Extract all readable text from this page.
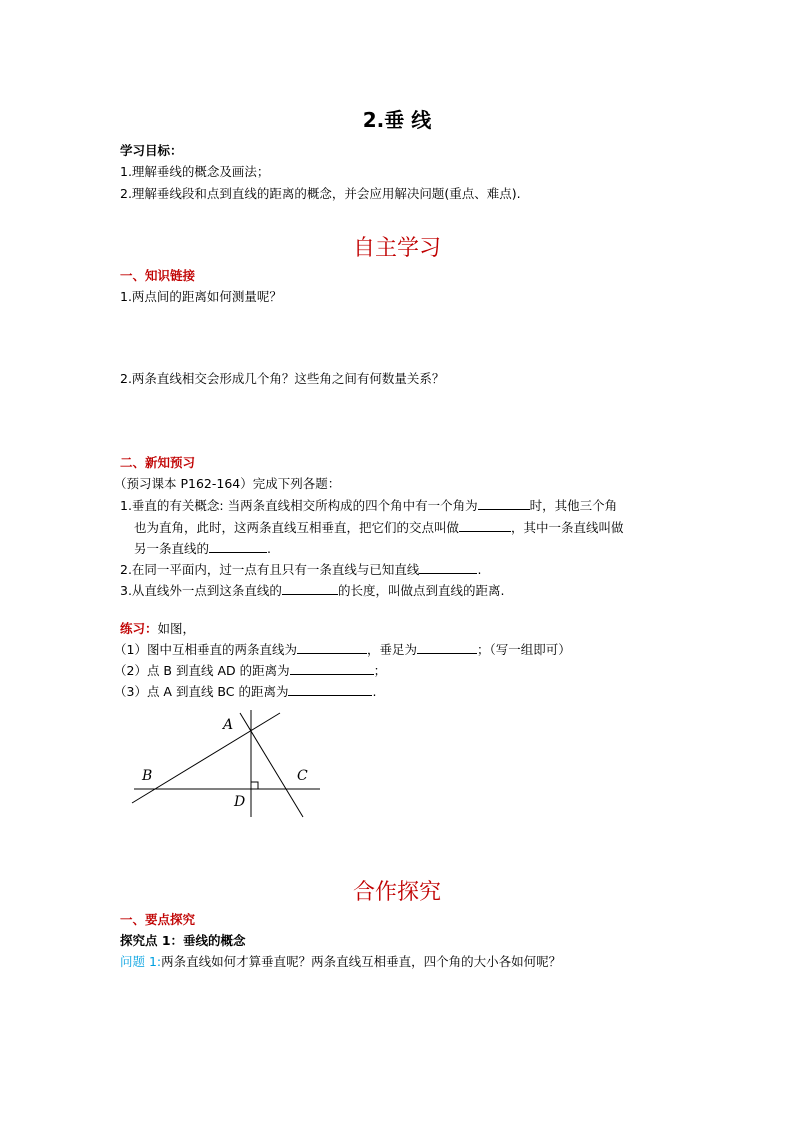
2.垂 线
学习目标：
1.理解垂线的概念及画法；
2.理解垂线段和点到直线的距离的概念，并会应用解决问题(重点、难点).
自主学习
一、知识链接
1.两点间的距离如何测量呢？
2.两条直线相交会形成几个角？这些角之间有何数量关系？
二、新知预习
（预习课本 P162-164）完成下列各题：
1.垂直的有关概念: 当两条直线相交所构成的四个角中有一个角为	时，其他三个角
也为直角，此时，这两条直线互相垂直，把它们的交点叫做	，其中一条直线叫做
另一条直线的	.
2.在同一平面内，过一点有且只有一条直线与已知直线	.
3.从直线外一点到这条直线的	的长度，叫做点到直线的距离.
练习：如图，
（1）图中互相垂直的两条直线为	，垂足为	；（写一组即可）
（2）点 B 到直线 AD 的距离为	；
（3）点 A 到直线 BC 的距离为	.
A
B	C
D
合作探究
一、要点探究
探究点 1：垂线的概念
问题 1:两条直线如何才算垂直呢？两条直线互相垂直，四个角的大小各如何呢？
